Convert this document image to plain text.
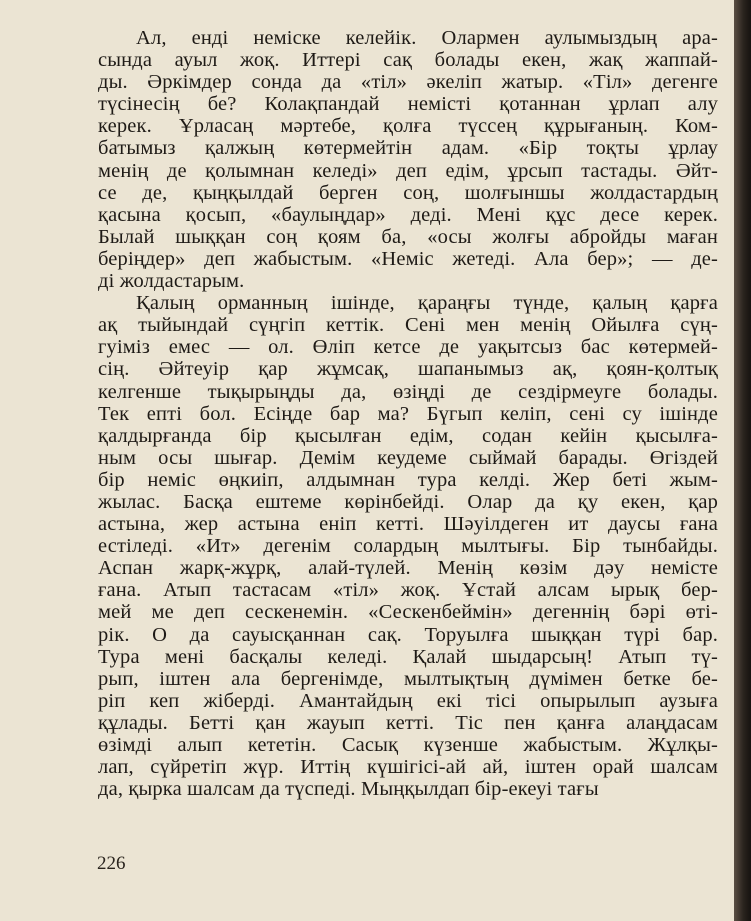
Ал, енді неміске келейік. Олармен аулымыздың ара-
сында ауыл жоқ. Иттері сақ болады екен, жақ жаппай-
ды. Әркімдер сонда да «тіл» әкеліп жатыр. «Тіл» дегенге
түсінесің бе? Колақпандай немісті қотаннан ұрлап алу
керек. Ұрласаң мәртебе, қолға түссең құрығаның. Ком-
батымыз қалжың көтермейтін адам. «Бір тоқты ұрлау
менің де қолымнан келеді» деп едім, ұрсып тастады. Әйт-
се де, қыңқылдай берген соң, шолғыншы жолдастардың
қасына қосып, «баулыңдар» деді. Мені құс десе керек.
Былай шыққан соң қоям ба, «осы жолғы абройды маған
беріңдер» деп жабыстым. «Неміс жетеді. Ала бер»; — де-
ді жолдастарым.
Қалың орманның ішінде, қараңғы түнде, қалың қарға
ақ тыйындай сүңгіп кеттік. Сені мен менің Ойылға сүң-
гуіміз емес — ол. Өліп кетсе де уақытсыз бас көтермей-
сің. Әйтеуір қар жұмсақ, шапанымыз ақ, қоян-қолтық
келгенше тықырыңды да, өзіңді де сездірмеуге болады.
Тек епті бол. Есіңде бар ма? Бүгып келіп, сені су ішінде
қалдырғанда бір қысылған едім, содан кейін қысылға-
ным осы шығар. Демім кеудеме сыймай барады. Өгіздей
бір неміс өңкиіп, алдымнан тура келді. Жер беті жым-
жылас. Басқа ештеме көрінбейді. Олар да қу екен, қар
астына, жер астына еніп кетті. Шәуілдеген ит даусы ғана
естіледі. «Ит» дегенім солардың мылтығы. Бір тынбайды.
Аспан жарқ-жұрқ, алай-түлей. Менің көзім дәу немісте
ғана. Атып тастасам «тіл» жоқ. Ұстай алсам ырық бер-
мей ме деп сескенемін. «Сескенбеймін» дегеннің бәрі өті-
рік. О да сауысқаннан сақ. Торуылға шыққан түрі бар.
Тура мені басқалы келеді. Қалай шыдарсың! Атып тү-
рып, іштен ала бергенімде, мылтықтың дүмімен бетке бе-
ріп кеп жіберді. Амантайдың екі тісі опырылып аузыға
құлады. Бетті қан жауып кетті. Тіс пен қанға алаңдасам
өзімді алып кететін. Сасық күзенше жабыстым. Жұлқы-
лап, сүйретіп жүр. Иттің күшігісі-ай ай, іштен орай шалсам
да, қырка шалсам да түспеді. Мыңқылдап бір-екеуі тағы
226
